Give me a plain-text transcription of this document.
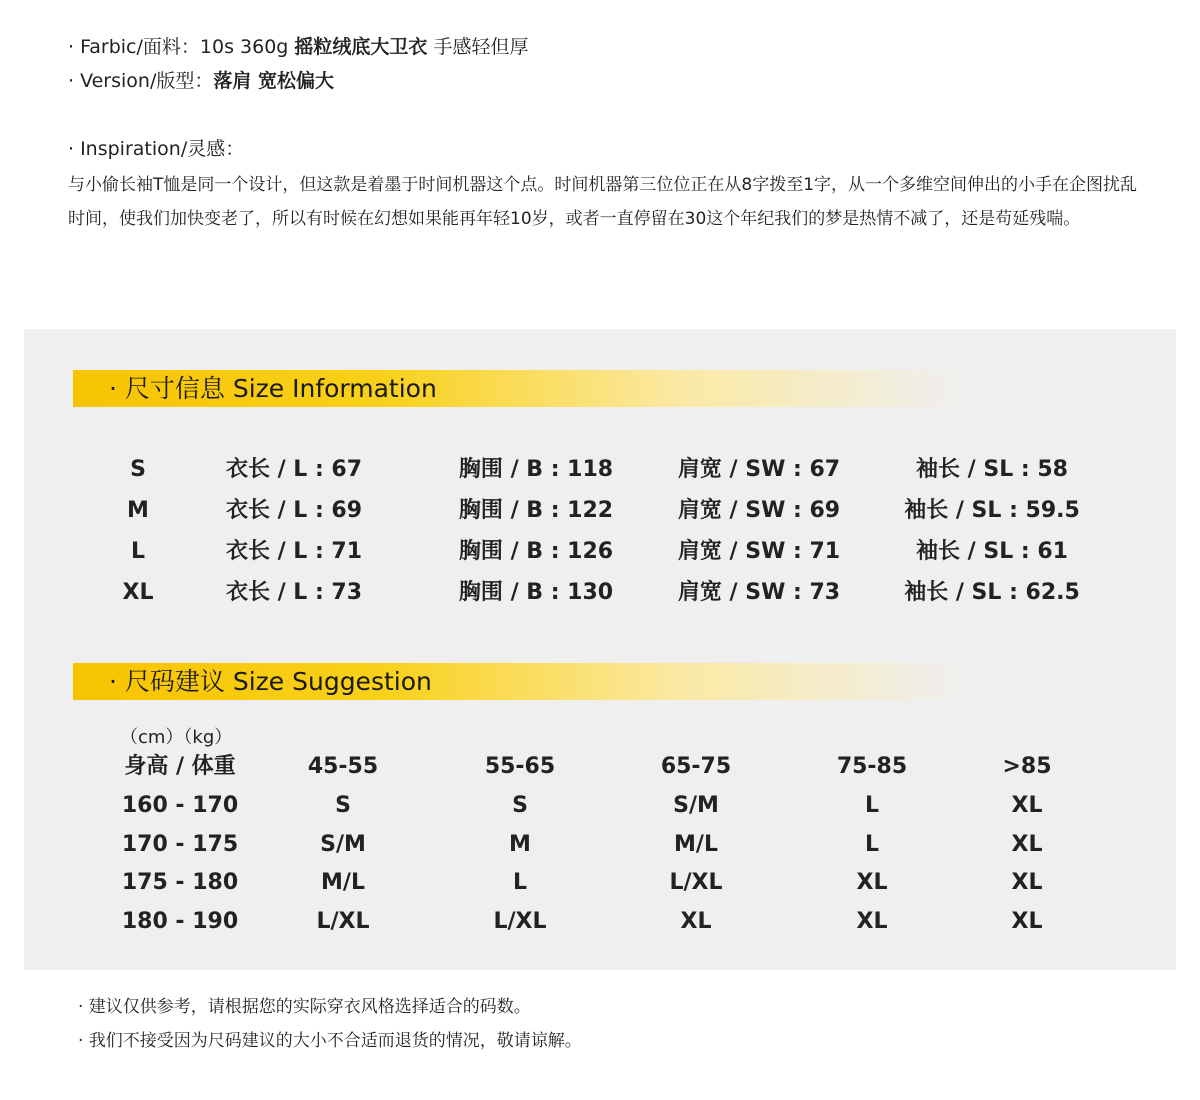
· Farbic/面料：10s 360g 摇粒绒底大卫衣 手感轻但厚
· Version/版型：落肩 宽松偏大
· Inspiration/灵感：
与小偷长袖T恤是同一个设计，但这款是着墨于时间机器这个点。时间机器第三位位正在从8字拨至1字，从一个多维空间伸出的小手在企图扰乱时间，使我们加快变老了，所以有时候在幻想如果能再年轻10岁，或者一直停留在30这个年纪我们的梦是热情不减了，还是苟延残喘。
· 尺寸信息 Size Information
· 尺码建议 Size Suggestion
（cm）（kg）
S	衣长 / L : 67	胸围 / B : 118	肩宽 / SW : 67	袖长 / SL : 58
M	衣长 / L : 69	胸围 / B : 122	肩宽 / SW : 69	袖长 / SL : 59.5
L	衣长 / L : 71	胸围 / B : 126	肩宽 / SW : 71	袖长 / SL : 61
XL	衣长 / L : 73	胸围 / B : 130	肩宽 / SW : 73	袖长 / SL : 62.5
身高 / 体重	45-55	55-65	65-75	75-85	>85
160 - 170	S	S	S/M	L	XL
170 - 175	S/M	M	M/L	L	XL
175 - 180	M/L	L	L/XL	XL	XL
180 - 190	L/XL	L/XL	XL	XL	XL
· 建议仅供参考，请根据您的实际穿衣风格选择适合的码数。
· 我们不接受因为尺码建议的大小不合适而退货的情况，敬请谅解。
